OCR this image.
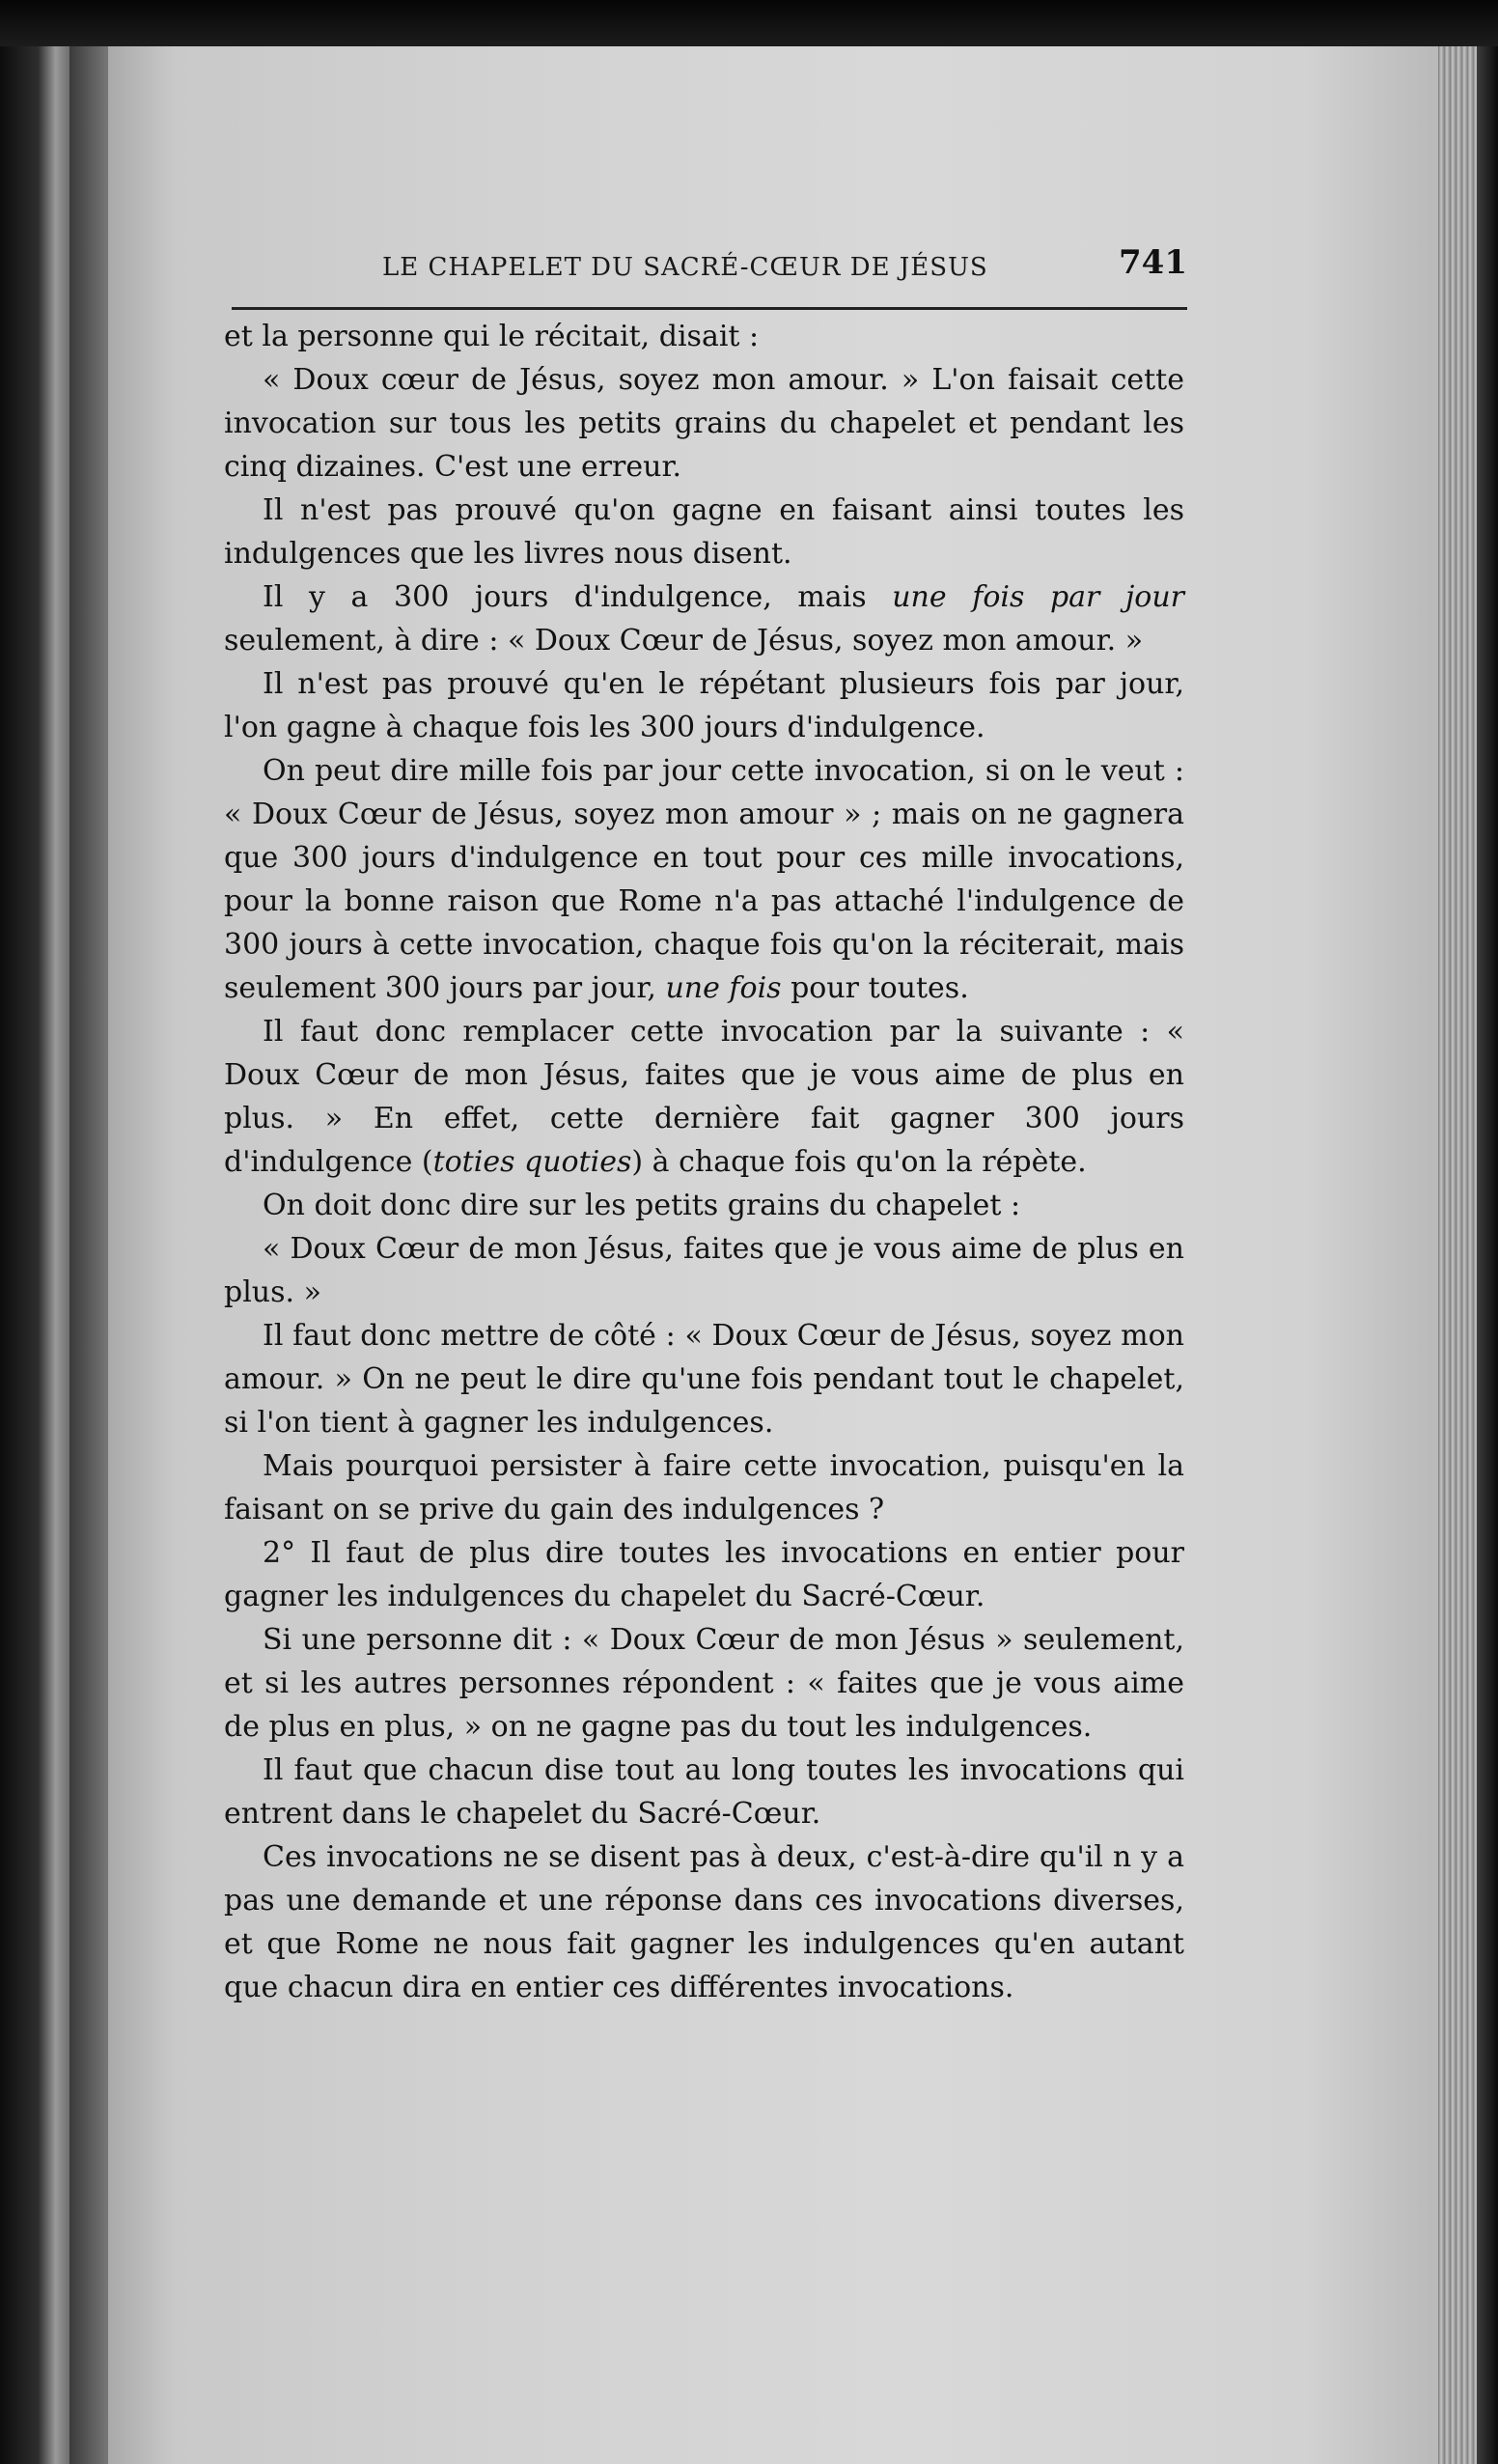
LE CHAPELET DU SACRÉ-CŒUR DE JÉSUS	741

et la personne qui le récitait, disait :

« Doux cœur de Jésus, soyez mon amour. » L'on faisait cette invocation sur tous les petits grains du chapelet et pendant les cinq dizaines. C'est une erreur.

Il n'est pas prouvé qu'on gagne en faisant ainsi toutes les indulgences que les livres nous disent.

Il y a 300 jours d'indulgence, mais une fois par jour seulement, à dire : « Doux Cœur de Jésus, soyez mon amour. »

Il n'est pas prouvé qu'en le répétant plusieurs fois par jour, l'on gagne à chaque fois les 300 jours d'indulgence.

On peut dire mille fois par jour cette invocation, si on le veut : « Doux Cœur de Jésus, soyez mon amour » ; mais on ne gagnera que 300 jours d'indulgence en tout pour ces mille invocations, pour la bonne raison que Rome n'a pas attaché l'indulgence de 300 jours à cette invocation, chaque fois qu'on la réciterait, mais seulement 300 jours par jour, une fois pour toutes.

Il faut donc remplacer cette invocation par la suivante : « Doux Cœur de mon Jésus, faites que je vous aime de plus en plus. » En effet, cette dernière fait gagner 300 jours d'indulgence (toties quoties) à chaque fois qu'on la répète.

On doit donc dire sur les petits grains du chapelet :

« Doux Cœur de mon Jésus, faites que je vous aime de plus en plus. »

Il faut donc mettre de côté : « Doux Cœur de Jésus, soyez mon amour. » On ne peut le dire qu'une fois pendant tout le chapelet, si l'on tient à gagner les indulgences.

Mais pourquoi persister à faire cette invocation, puisqu'en la faisant on se prive du gain des indulgences ?

2° Il faut de plus dire toutes les invocations en entier pour gagner les indulgences du chapelet du Sacré-Cœur.

Si une personne dit : « Doux Cœur de mon Jésus » seulement, et si les autres personnes répondent : « faites que je vous aime de plus en plus, » on ne gagne pas du tout les indulgences.

Il faut que chacun dise tout au long toutes les invocations qui entrent dans le chapelet du Sacré-Cœur.

Ces invocations ne se disent pas à deux, c'est-à-dire qu'il n y a pas une demande et une réponse dans ces invocations diverses, et que Rome ne nous fait gagner les indulgences qu'en autant que chacun dira en entier ces différentes invocations.
